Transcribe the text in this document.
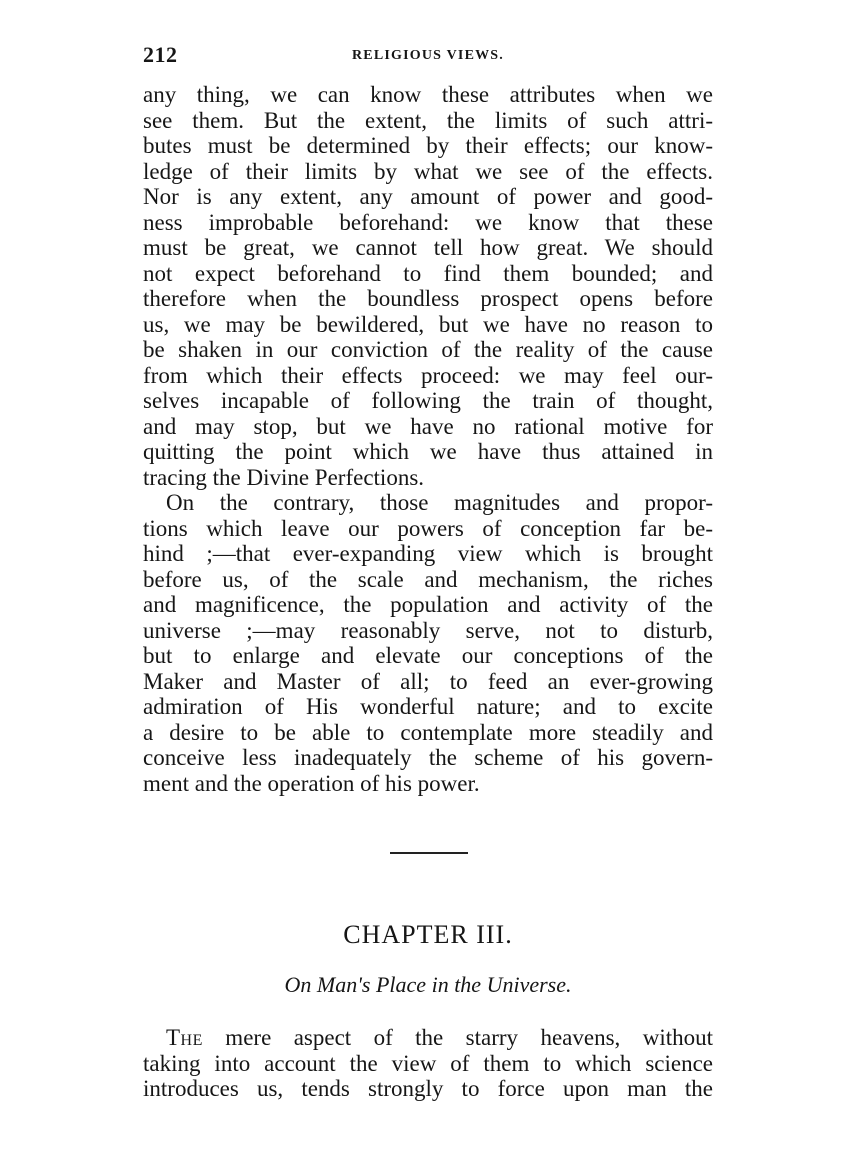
212	RELIGIOUS VIEWS.
any thing, we can know these attributes when we
see them. But the extent, the limits of such attri-
butes must be determined by their effects; our know-
ledge of their limits by what we see of the effects.
Nor is any extent, any amount of power and good-
ness improbable beforehand: we know that these
must be great, we cannot tell how great. We should
not expect beforehand to find them bounded; and
therefore when the boundless prospect opens before
us, we may be bewildered, but we have no reason to
be shaken in our conviction of the reality of the cause
from which their effects proceed: we may feel our-
selves incapable of following the train of thought,
and may stop, but we have no rational motive for
quitting the point which we have thus attained in
tracing the Divine Perfections.
On the contrary, those magnitudes and propor-
tions which leave our powers of conception far be-
hind ;—that ever-expanding view which is brought
before us, of the scale and mechanism, the riches
and magnificence, the population and activity of the
universe ;—may reasonably serve, not to disturb,
but to enlarge and elevate our conceptions of the
Maker and Master of all; to feed an ever-growing
admiration of His wonderful nature; and to excite
a desire to be able to contemplate more steadily and
conceive less inadequately the scheme of his govern-
ment and the operation of his power.
CHAPTER III.
On Man's Place in the Universe.
The mere aspect of the starry heavens, without
taking into account the view of them to which science
introduces us, tends strongly to force upon man the
